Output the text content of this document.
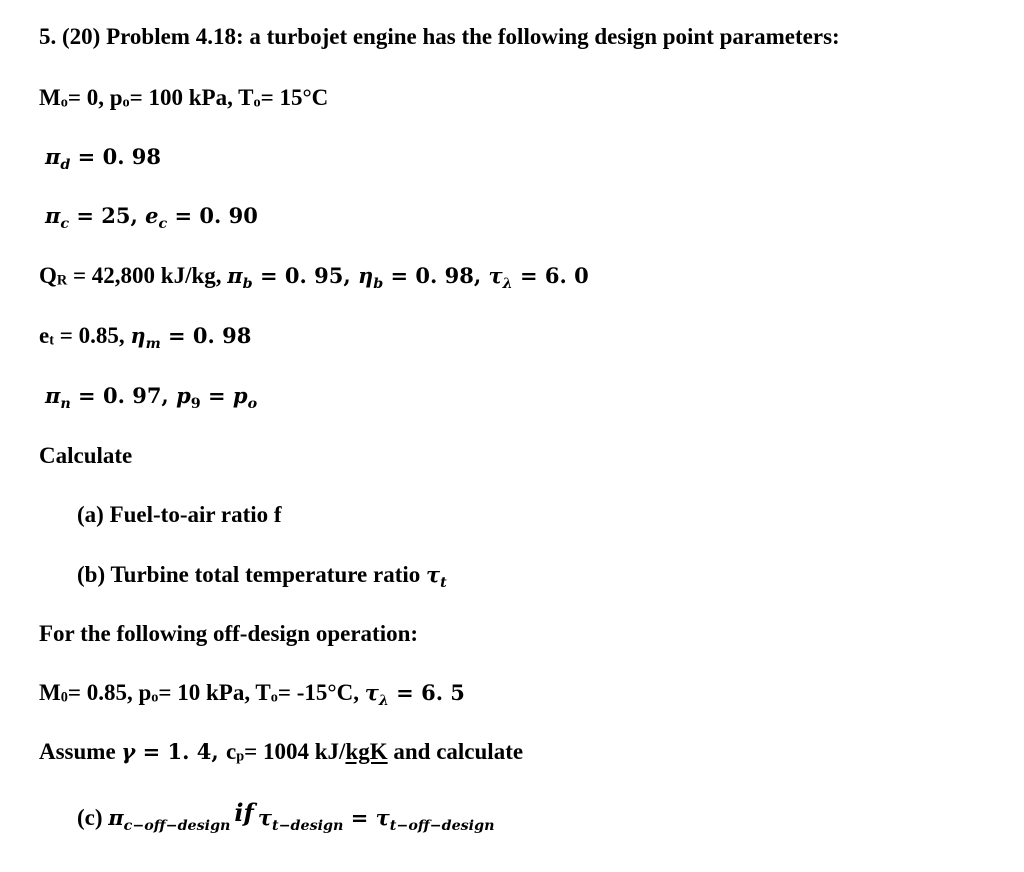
5. (20) Problem 4.18: a turbojet engine has the following design point parameters:
$M_o= 0$, $p_o= 100$ kPa, $T_o= 15^\circ C$
$\pi_d = 0$. 98
$\pi_c = 25$, $e_c = 0$. 90
$Q_R = 42,800$ kJ/kg, $\pi_b = 0$. 95, $\eta_b = 0$. 98, $\tau_\lambda = 6$. 0
$e_t = 0.85$, $\eta_m = 0$. 98
$\pi_n = 0$. 97, $p_9 = p_o$
Calculate
(a) Fuel-to-air ratio f
(b) Turbine total temperature ratio $\tau_t$
For the following off-design operation:
$M_0= 0.85$, $p_o= 10$ kPa, $T_o= -15^\circ C$, $\tau_\lambda = 6$. 5
Assume γ = 1. 4, $c_p= 1004$ kJ/kgK and calculate
(c) $\pi_{c-off-design}$ if $\tau_{t-design} = \tau_{t-off-design}$
